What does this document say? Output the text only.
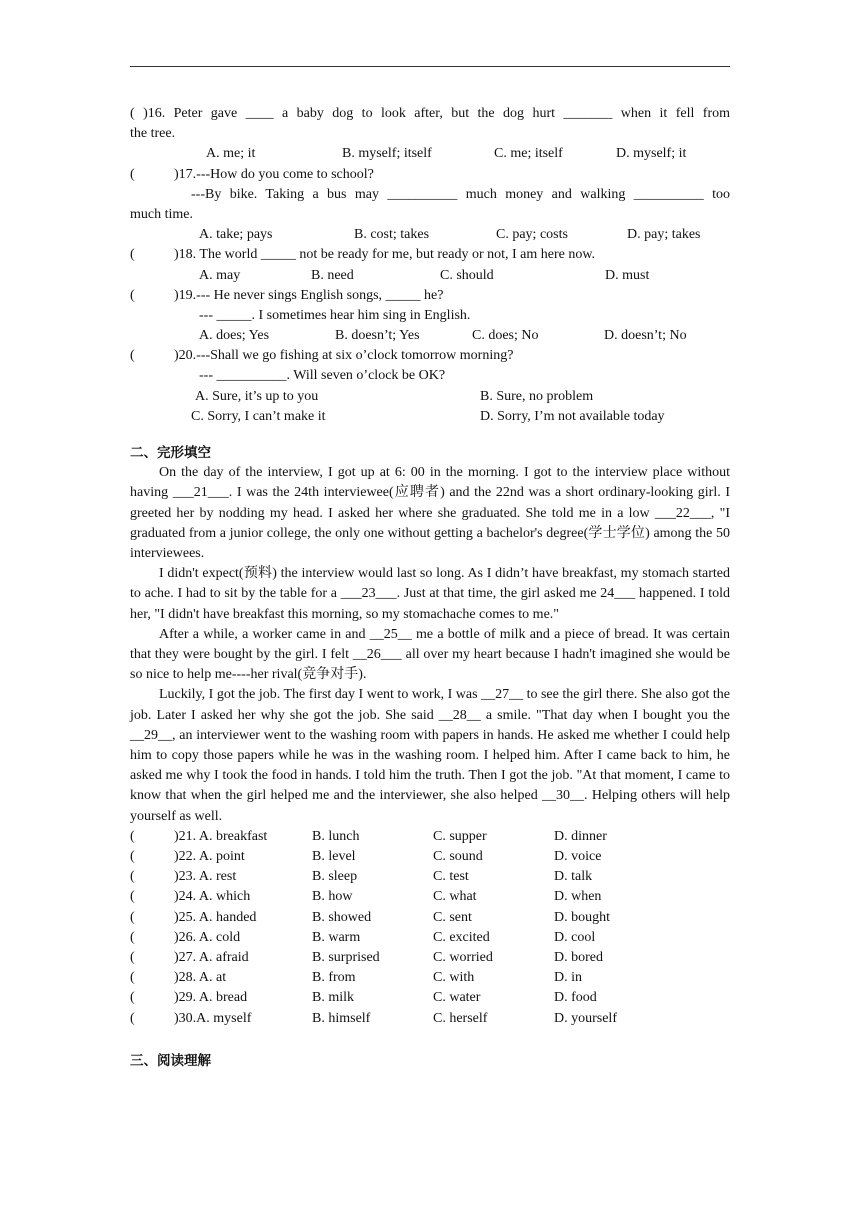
( )16. Peter gave ____ a baby dog to look after, but the dog hurt _______ when it fell from
the tree.
A. me; it	B. myself; itself	C. me; itself	D. myself; it
(	)17.---How do you come to school?
---By bike. Taking a bus may __________ much money and walking __________ too
much time.
A. take; pays	B. cost; takes	C. pay; costs	D. pay; takes
(	)18. The world _____ not be ready for me, but ready or not, I am here now.
A. may	B. need	C. should	D. must
(	)19.--- He never sings English songs, _____ he?
--- _____. I sometimes hear him sing in English.
A. does; Yes	B. doesn’t; Yes	C. does; No	D. doesn’t; No
(	)20.---Shall we go fishing at six o’clock tomorrow morning?
--- __________. Will seven o’clock be OK?
A. Sure, it’s up to you	B. Sure, no problem
C. Sorry, I can’t make it	D. Sorry, I’m not available today
二、完形填空
On the day of the interview, I got up at 6: 00 in the morning. I got to the interview place without having ___21___. I was the 24th interviewee(应聘者) and the 22nd was a short ordinary-looking girl. I greeted her by nodding my head. I asked her where she graduated. She told me in a low ___22___, "I graduated from a junior college, the only one without getting a bachelor's degree(学士学位) among the 50 interviewees.
I didn't expect(预料) the interview would last so long. As I didn’t have breakfast, my stomach started to ache. I had to sit by the table for a ___23___. Just at that time, the girl asked me 24___ happened. I told her, "I didn't have breakfast this morning, so my stomachache comes to me."
After a while, a worker came in and __25__ me a bottle of milk and a piece of bread. It was certain that they were bought by the girl. I felt __26___ all over my heart because I hadn't imagined she would be so nice to help me----her rival(竞争对手).
Luckily, I got the job. The first day I went to work, I was __27__ to see the girl there. She also got the job. Later I asked her why she got the job. She said __28__ a smile. "That day when I bought you the __29__, an interviewer went to the washing room with papers in hands. He asked me whether I could help him to copy those papers while he was in the washing room. I helped him. After I came back to him, he asked me why I took the food in hands. I told him the truth. Then I got the job. "At that moment, I came to know that when the girl helped me and the interviewer, she also helped __30__. Helping others will help yourself as well.
(	)21. A. breakfast	B. lunch	C. supper	D. dinner
(	)22. A. point	B. level	C. sound	D. voice
(	)23. A. rest	B. sleep	C. test	D. talk
(	)24. A. which	B. how	C. what	D. when
(	)25. A. handed	B. showed	C. sent	D. bought
(	)26. A. cold	B. warm	C. excited	D. cool
(	)27. A. afraid	B. surprised	C. worried	D. bored
(	)28. A. at	B. from	C. with	D. in
(	)29. A. bread	B. milk	C. water	D. food
(	)30.A. myself	B. himself	C. herself	D. yourself
三、阅读理解
